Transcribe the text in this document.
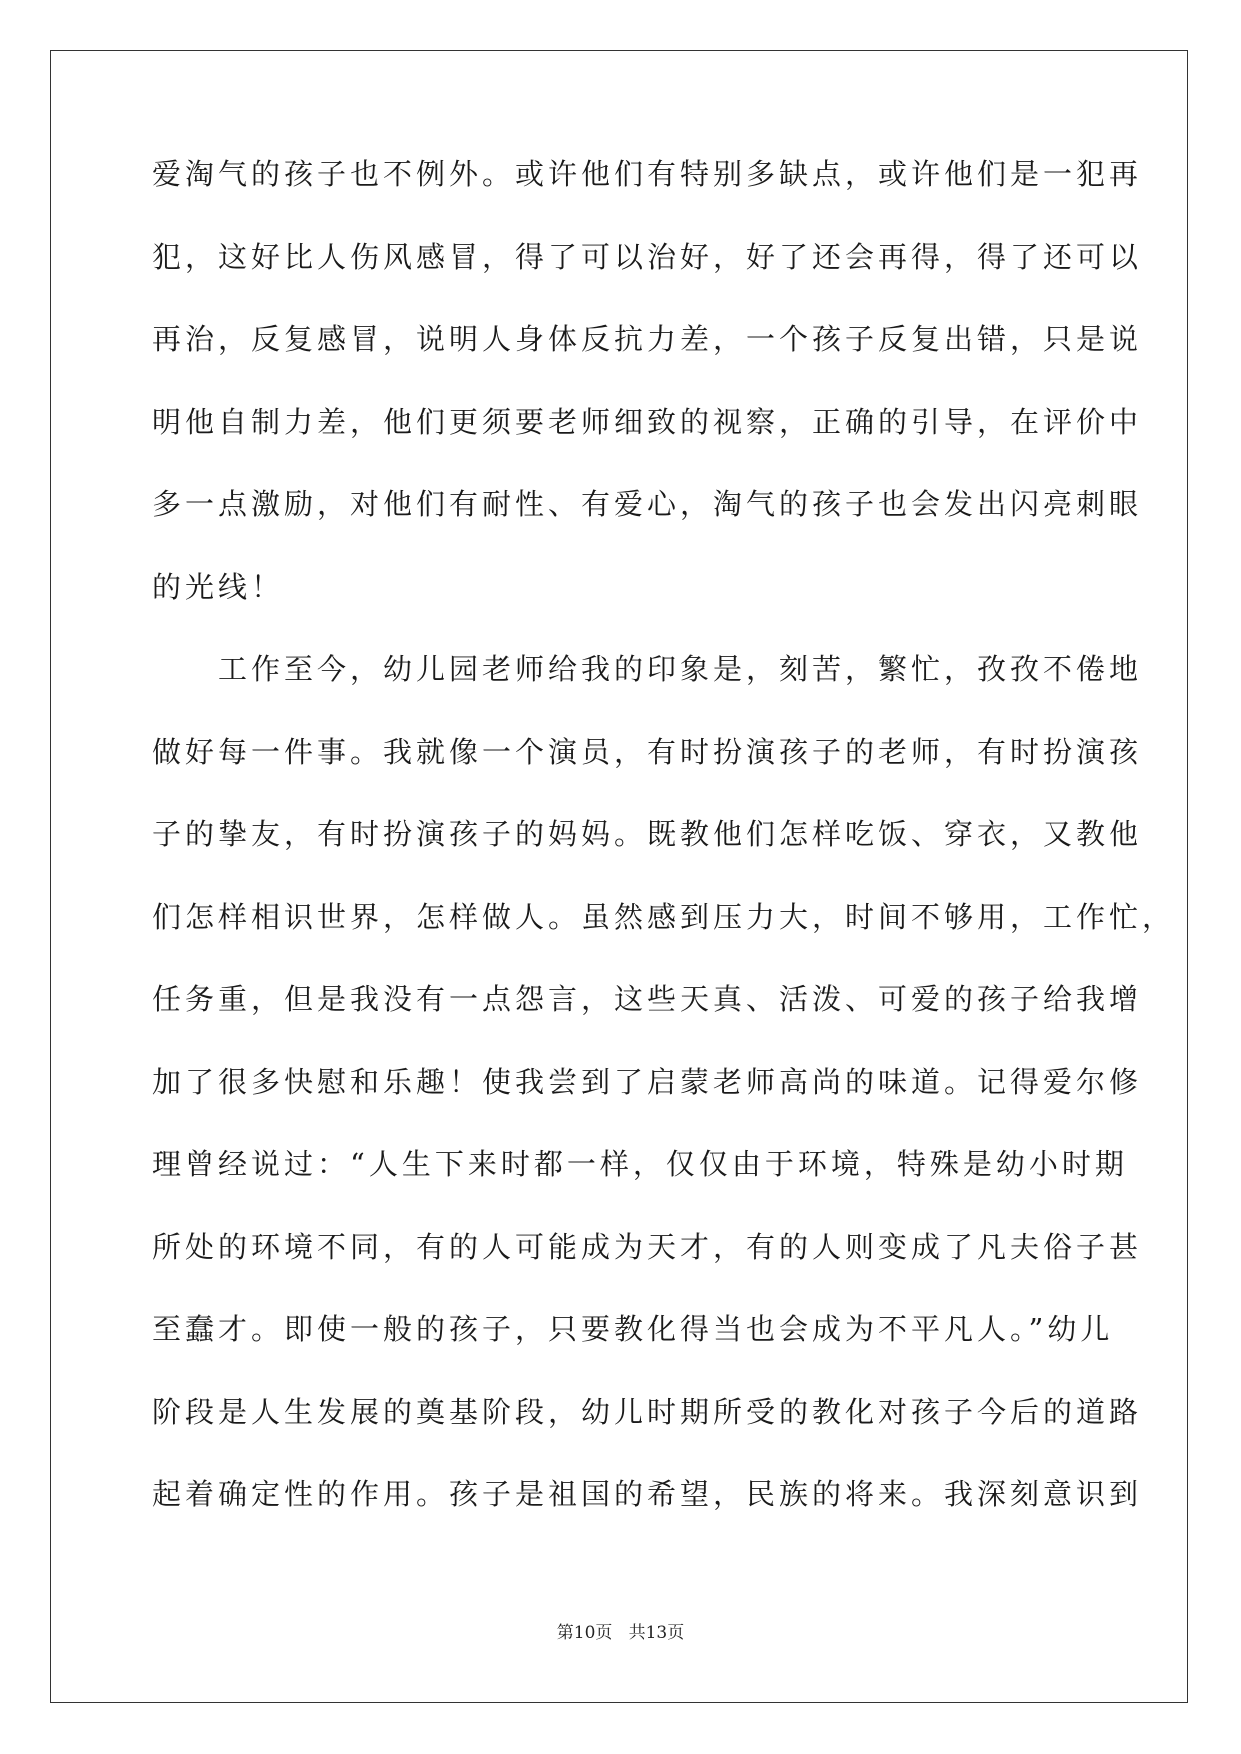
爱淘气的孩子也不例外。或许他们有特别多缺点，或许他们是一犯再
犯，这好比人伤风感冒，得了可以治好，好了还会再得，得了还可以
再治，反复感冒，说明人身体反抗力差，一个孩子反复出错，只是说
明他自制力差，他们更须要老师细致的视察，正确的引导，在评价中
多一点激励，对他们有耐性、有爱心，淘气的孩子也会发出闪亮刺眼
的光线！
工作至今，幼儿园老师给我的印象是，刻苦，繁忙，孜孜不倦地
做好每一件事。我就像一个演员，有时扮演孩子的老师，有时扮演孩
子的挚友，有时扮演孩子的妈妈。既教他们怎样吃饭、穿衣，又教他
们怎样相识世界，怎样做人。虽然感到压力大，时间不够用，工作忙，
任务重，但是我没有一点怨言，这些天真、活泼、可爱的孩子给我增
加了很多快慰和乐趣！使我尝到了启蒙老师高尚的味道。记得爱尔修
理曾经说过：“人生下来时都一样，仅仅由于环境，特殊是幼小时期
所处的环境不同，有的人可能成为天才，有的人则变成了凡夫俗子甚
至蠢才。即使一般的孩子，只要教化得当也会成为不平凡人。”幼儿
阶段是人生发展的奠基阶段，幼儿时期所受的教化对孩子今后的道路
起着确定性的作用。孩子是祖国的希望，民族的将来。我深刻意识到
第10页 共13页
